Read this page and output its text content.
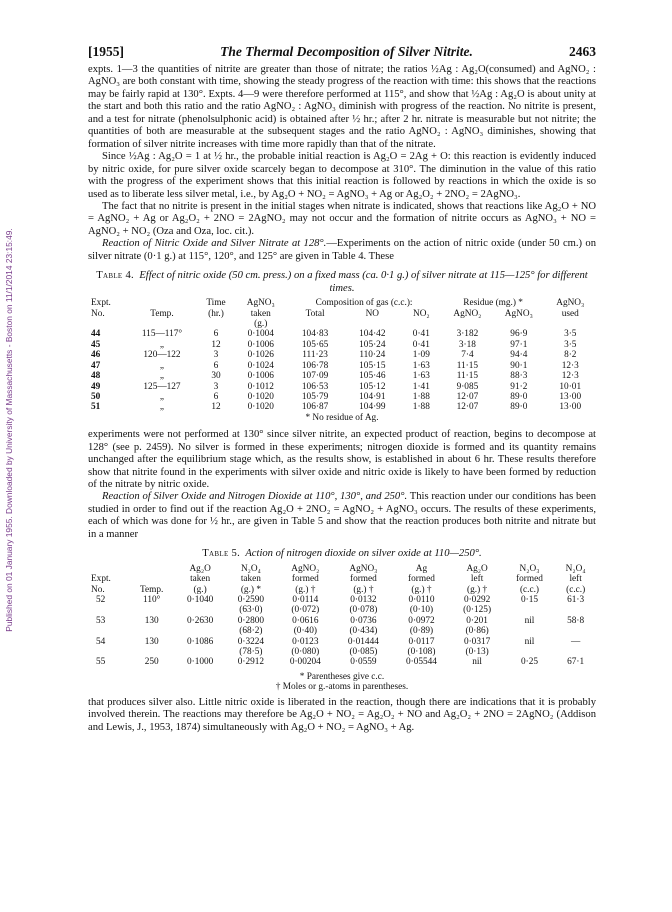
Published on 01 January 1955. Downloaded by University of Massachusetts - Boston on 11/1/2014 23:15:49.
[1955]	The Thermal Decomposition of Silver Nitrite.	2463

expts. 1—3 the quantities of nitrite are greater than those of nitrate; the ratios ½Ag : Ag₂O(consumed) and AgNO₂ : AgNO₃ are both constant with time, showing the steady progress of the reaction with time: this shows that the reactions may be fairly rapid at 130°. Expts. 4—9 were therefore performed at 115°, and show that ½Ag : Ag₂O is about unity at the start and both this ratio and the ratio AgNO₂ : AgNO₃ diminish with progress of the reaction. No nitrite is present, and a test for nitrate (phenolsulphonic acid) is obtained after ½ hr.; after 2 hr. nitrate is measurable but not nitrite; the quantities of both are measurable at the subsequent stages and the ratio AgNO₂ : AgNO₃ diminishes, showing that formation of silver nitrite increases with time more rapidly than that of the nitrate.

Since ½Ag : Ag₂O = 1 at ½ hr., the probable initial reaction is Ag₂O = 2Ag + O: this reaction is evidently induced by nitric oxide, for pure silver oxide scarcely began to decompose at 310°. The diminution in the value of this ratio with the progress of the experiment shows that this initial reaction is followed by reactions in which the oxide is so used as to liberate less silver metal, i.e., by Ag₂O + NO₂ = AgNO₃ + Ag or Ag₂O₂ + 2NO₂ = 2AgNO₃.

The fact that no nitrite is present in the initial stages when nitrate is indicated, shows that reactions like Ag₂O + NO = AgNO₂ + Ag or Ag₂O₂ + 2NO = 2AgNO₂ may not occur and the formation of nitrite occurs as AgNO₃ + NO = AgNO₂ + NO₂ (Oza and Oza, loc. cit.).

Reaction of Nitric Oxide and Silver Nitrate at 128°.—Experiments on the action of nitric oxide (under 50 cm.) on silver nitrate (0·1 g.) at 115°, 120°, and 125° are given in Table 4. These

Table 4. Effect of nitric oxide (50 cm. press.) on a fixed mass (ca. 0·1 g.) of silver nitrate at 115—125° for different times.
Expt.		Time	AgNO₃	Composition of gas (c.c.):			Residue (mg.) *		AgNO₃
No.	Temp.	(hr.)	taken	Total	NO	NO₂	AgNO₂	AgNO₃	used
			(g.)						
44	115—117°	6	0·1004	104·83	104·42	0·41	3·182	96·9	3·5
45	„	12	0·1006	105·65	105·24	0·41	3·18	97·1	3·5
46	120—122	3	0·1026	111·23	110·24	1·09	7·4	94·4	8·2
47	„	6	0·1024	106·78	105·15	1·63	11·15	90·1	12·3
48	„	30	0·1006	107·09	105·46	1·63	11·15	88·3	12·3
49	125—127	3	0·1012	106·53	105·12	1·41	9·085	91·2	10·01
50	„	6	0·1020	105·79	104·91	1·88	12·07	89·0	13·00
51	„	12	0·1020	106·87	104·99	1·88	12·07	89·0	13·00
* No residue of Ag.

experiments were not performed at 130° since silver nitrite, an expected product of reaction, begins to decompose at 128° (see p. 2459). No silver is formed in these experiments; nitrogen dioxide is formed and its quantity remains unchanged after the equilibrium stage which, as the results show, is established in about 6 hr. These results therefore show that nitrite found in the experiments with silver oxide and nitric oxide is likely to have been formed by reduction of the nitrate by nitric oxide.

Reaction of Silver Oxide and Nitrogen Dioxide at 110°, 130°, and 250°. This reaction under our conditions has been studied in order to find out if the reaction Ag₂O + 2NO₂ = AgNO₂ + AgNO₃ occurs. The results of these experiments, each of which was done for ½ hr., are given in Table 5 and show that the reaction produces both nitrite and nitrate but in a manner

Table 5. Action of nitrogen dioxide on silver oxide at 110—250°.
		Ag₂O	N₂O₄	AgNO₂	AgNO₃	Ag	Ag₂O	N₂O₃	N₂O₄
Expt.		taken	taken	formed	formed	formed	left	formed	left
No.	Temp.	(g.)	(g.) *	(g.) †	(g.) †	(g.) †	(g.) †	(c.c.)	(c.c.)
52	110°	0·1040	0·2590	0·0114	0·0132	0·0110	0·0292	0·15	61·3
			(63·0)	(0·072)	(0·078)	(0·10)	(0·125)		
53	130	0·2630	0·2800	0·0616	0·0736	0·0972	0·201	nil	58·8
			(68·2)	(0·40)	(0·434)	(0·89)	(0·86)		
54	130	0·1086	0·3224	0·0123	0·01444	0·0117	0·0317	nil	—
			(78·5)	(0·080)	(0·085)	(0·108)	(0·13)		
55	250	0·1000	0·2912	0·00204	0·0559	0·05544	nil	0·25	67·1

* Parentheses give c.c.
† Moles or g.-atoms in parentheses.

that produces silver also. Little nitric oxide is liberated in the reaction, though there are indications that it is probably involved therein. The reactions may therefore be Ag₂O + NO₂ = Ag₂O₂ + NO and Ag₂O₂ + 2NO = 2AgNO₂ (Addison and Lewis, J., 1953, 1874) simultaneously with Ag₂O + NO₂ = AgNO₃ + Ag.
